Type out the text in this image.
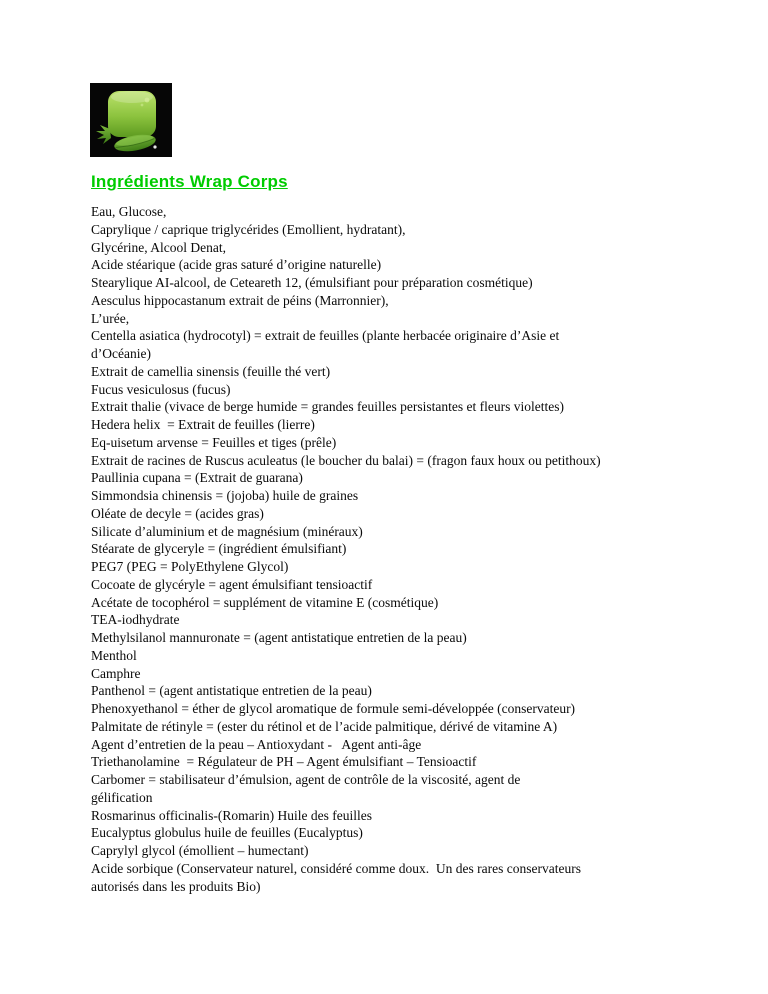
Ingrédients Wrap Corps
Eau, Glucose,
Caprylique / caprique triglycérides (Emollient, hydratant),
Glycérine, Alcool Denat,
Acide stéarique (acide gras saturé d’origine naturelle)
Stearylique AI-alcool, de Ceteareth 12, (émulsifiant pour préparation cosmétique)
Aesculus hippocastanum extrait de péins (Marronnier),
L’urée,
Centella asiatica (hydrocotyl) = extrait de feuilles (plante herbacée originaire d’Asie et
d’Océanie)
Extrait de camellia sinensis (feuille thé vert)
Fucus vesiculosus (fucus)
Extrait thalie (vivace de berge humide = grandes feuilles persistantes et fleurs violettes)
Hedera helix  = Extrait de feuilles (lierre)
Eq-uisetum arvense = Feuilles et tiges (prêle)
Extrait de racines de Ruscus aculeatus (le boucher du balai) = (fragon faux houx ou petithoux)
Paullinia cupana = (Extrait de guarana)
Simmondsia chinensis = (jojoba) huile de graines
Oléate de decyle = (acides gras)
Silicate d’aluminium et de magnésium (minéraux)
Stéarate de glyceryle = (ingrédient émulsifiant)
PEG7 (PEG = PolyEthylene Glycol)
Cocoate de glycéryle = agent émulsifiant tensioactif
Acétate de tocophérol = supplément de vitamine E (cosmétique)
TEA-iodhydrate
Methylsilanol mannuronate = (agent antistatique entretien de la peau)
Menthol
Camphre
Panthenol = (agent antistatique entretien de la peau)
Phenoxyethanol = éther de glycol aromatique de formule semi-développée (conservateur)
Palmitate de rétinyle = (ester du rétinol et de l’acide palmitique, dérivé de vitamine A)
Agent d’entretien de la peau – Antioxydant -   Agent anti-âge
Triethanolamine  = Régulateur de PH – Agent émulsifiant – Tensioactif
Carbomer = stabilisateur d’émulsion, agent de contrôle de la viscosité, agent de
gélification
Rosmarinus officinalis-(Romarin) Huile des feuilles
Eucalyptus globulus huile de feuilles (Eucalyptus)
Caprylyl glycol (émollient – humectant)
Acide sorbique (Conservateur naturel, considéré comme doux.  Un des rares conservateurs
autorisés dans les produits Bio)
